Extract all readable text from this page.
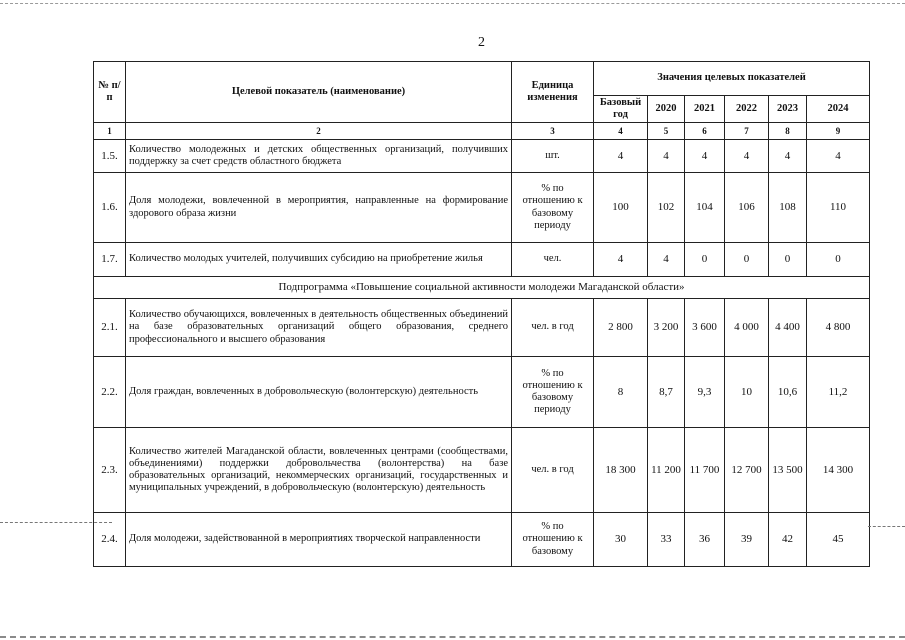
2
№ п/п	Целевой показатель (наименование)	Единица изменения	Значения целевых показателей					
			Базовый год	2020	2021	2022	2023	2024
1	2	3	4	5	6	7	8	9
1.5.	Количество молодежных и детских общественных организаций, получивших поддержку за счет средств областного бюджета	шт.	4	4	4	4	4	4
1.6.	Доля молодежи, вовлеченной в мероприятия, направленные на формирование здорового образа жизни	% по отношению к базовому периоду	100	102	104	106	108	110
1.7.	Количество молодых учителей, получивших субсидию на приобретение жилья	чел.	4	4	0	0	0	0
Подпрограмма «Повышение социальной активности молодежи Магаданской области»								
2.1.	Количество обучающихся, вовлеченных в деятельность общественных объединений на базе образовательных организаций общего образования, среднего профессионального и высшего образования	чел. в год	2 800	3 200	3 600	4 000	4 400	4 800
2.2.	Доля граждан, вовлеченных в добровольческую (волонтерскую) деятельность	% по отношению к базовому периоду	8	8,7	9,3	10	10,6	11,2
2.3.	Количество жителей Магаданской области, вовлеченных центрами (сообществами, объединениями) поддержки добровольчества (волонтерства) на базе образовательных организаций, некоммерческих организаций, государственных и муниципальных учреждений, в добровольческую (волонтерскую) деятельность	чел. в год	18 300	11 200	11 700	12 700	13 500	14 300
2.4.	Доля молодежи, задействованной в мероприятиях творческой направленности	% по отношению к базовому	30	33	36	39	42	45
